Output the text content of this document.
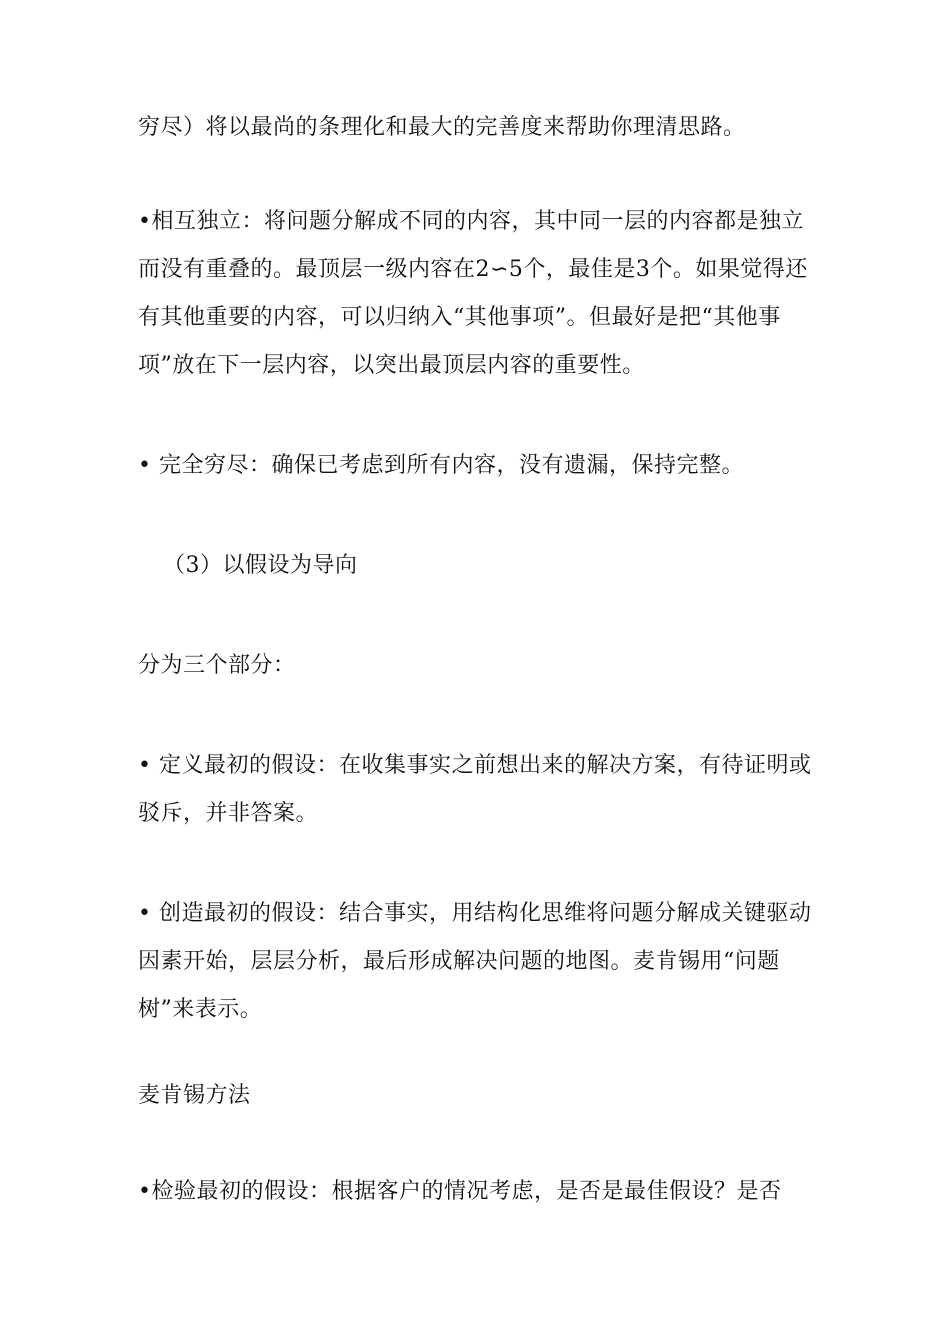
穷尽）将以最尚的条理化和最大的完善度来帮助你理清思路。
•相互独立：将问题分解成不同的内容，其中同一层的内容都是独立
而没有重叠的。最顶层一级内容在2∽5个，最佳是3个。如果觉得还
有其他重要的内容，可以归纳入“其他事项”。但最好是把“其他事
项”放在下一层内容，以突出最顶层内容的重要性。
• 完全穷尽：确保已考虑到所有内容，没有遗漏，保持完整。
（3）以假设为导向
分为三个部分：
• 定义最初的假设：在收集事实之前想出来的解决方案，有待证明或
驳斥，并非答案。
• 创造最初的假设：结合事实，用结构化思维将问题分解成关键驱动
因素开始，层层分析，最后形成解决问题的地图。麦肯锡用“问题
树”来表示。
麦肯锡方法
•检验最初的假设：根据客户的情况考虑，是否是最佳假设？是否
